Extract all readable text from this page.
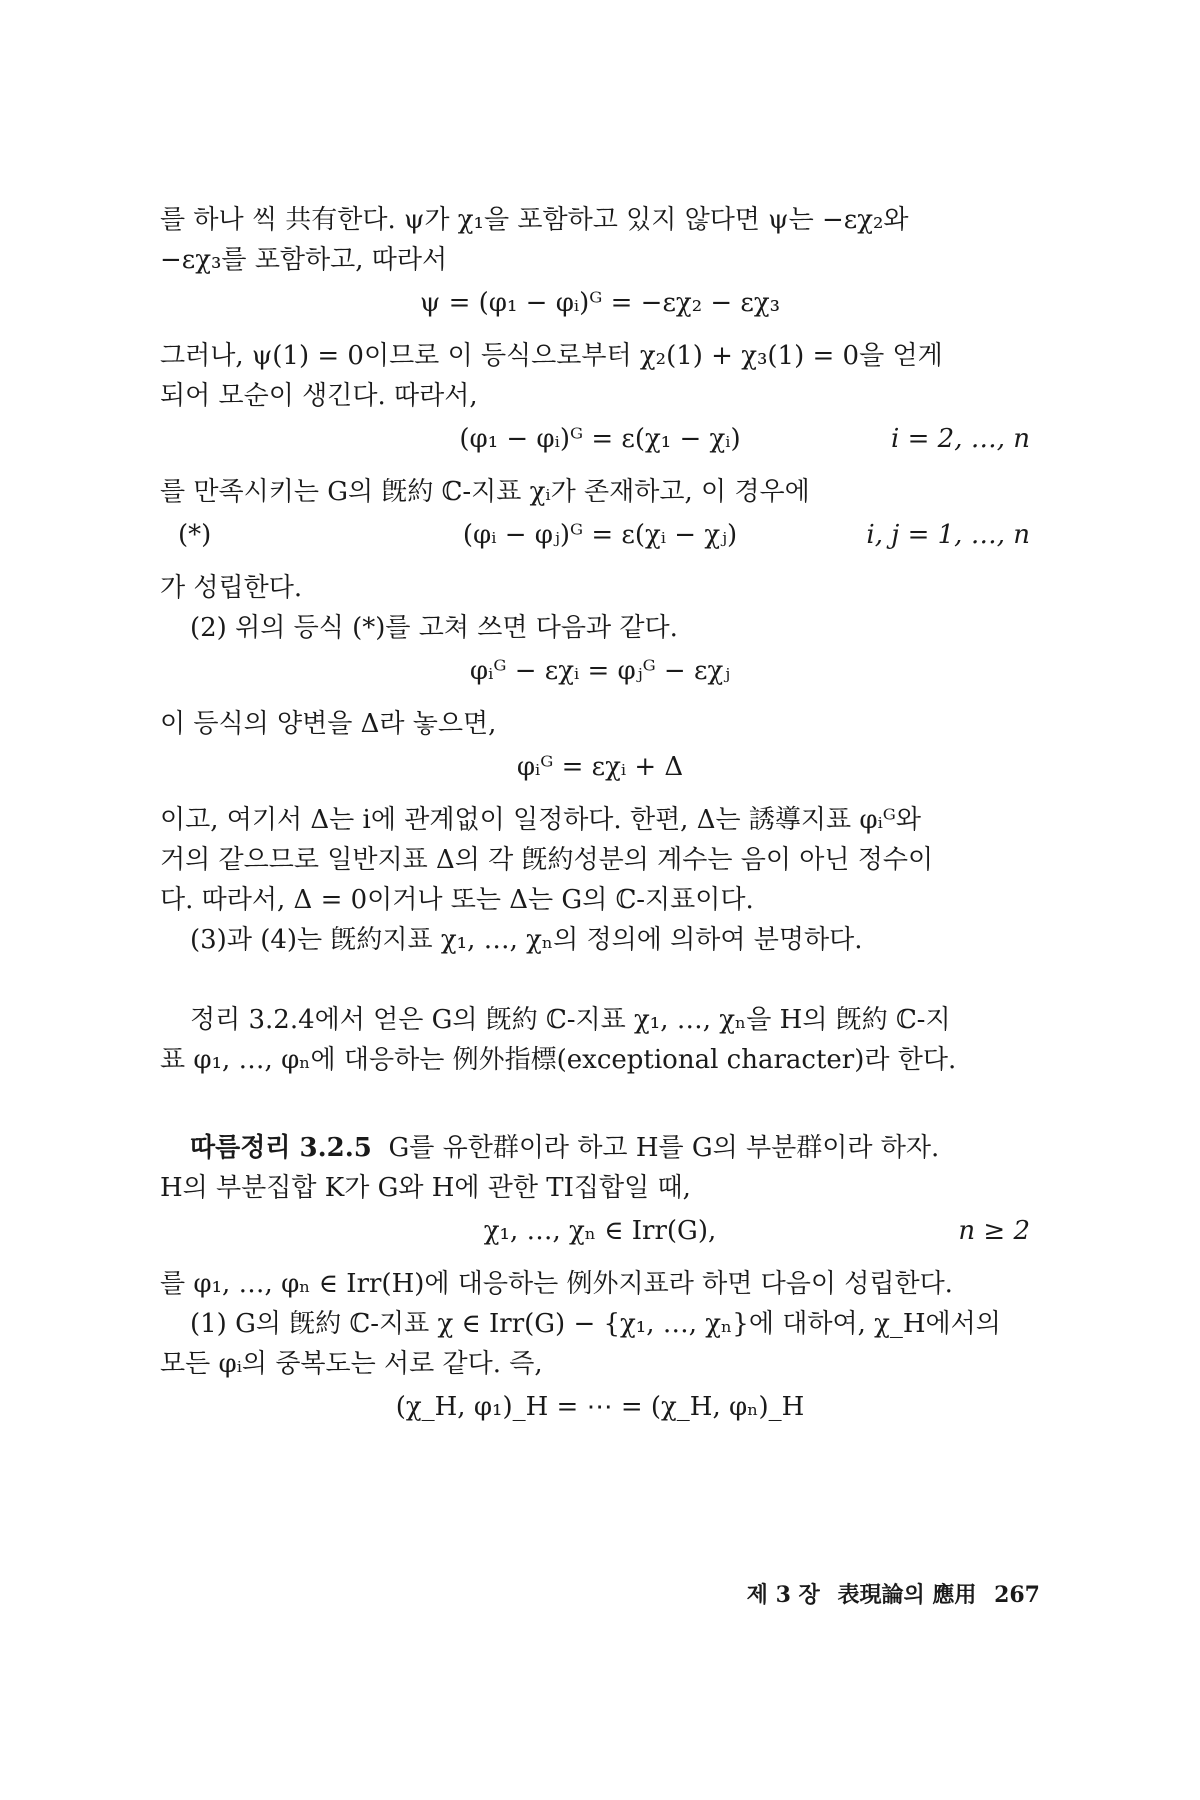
를 하나 씩 共有한다. ψ가 χ₁을 포함하고 있지 않다면 ψ는 −εχ₂와

−εχ₃를 포함하고, 따라서

ψ = (φ₁ − φᵢ)ᴳ = −εχ₂ − εχ₃

그러나, ψ(1) = 0이므로 이 등식으로부터 χ₂(1) + χ₃(1) = 0을 얻게

되어 모순이 생긴다. 따라서,

(φ₁ − φᵢ)ᴳ = ε(χ₁ − χᵢ)	i = 2, …, n

를 만족시키는 G의 旣約 ℂ-지표 χᵢ가 존재하고, 이 경우에

(*)	(φᵢ − φⱼ)ᴳ = ε(χᵢ − χⱼ)	i, j = 1, …, n

가 성립한다.

(2) 위의 등식 (*)를 고쳐 쓰면 다음과 같다.

φᵢᴳ − εχᵢ = φⱼᴳ − εχⱼ

이 등식의 양변을 Δ라 놓으면,

φᵢᴳ = εχᵢ + Δ

이고, 여기서 Δ는 i에 관계없이 일정하다. 한편, Δ는 誘導지표 φᵢᴳ와

거의 같으므로 일반지표 Δ의 각 旣約성분의 계수는 음이 아닌 정수이

다. 따라서, Δ = 0이거나 또는 Δ는 G의 ℂ-지표이다.

(3)과 (4)는 旣約지표 χ₁, …, χₙ의 정의에 의하여 분명하다.

정리 3.2.4에서 얻은 G의 旣約 ℂ-지표 χ₁, …, χₙ을 H의 旣約 ℂ-지

표 φ₁, …, φₙ에 대응하는 例外指標(exceptional character)라 한다.

따름정리 3.2.5 G를 유한群이라 하고 H를 G의 부분群이라 하자.

H의 부분집합 K가 G와 H에 관한 TI집합일 때,

χ₁, …, χₙ ∈ Irr(G),	n ≥ 2

를 φ₁, …, φₙ ∈ Irr(H)에 대응하는 例外지표라 하면 다음이 성립한다.

(1) G의 旣約 ℂ-지표 χ ∈ Irr(G) − {χ₁, …, χₙ}에 대하여, χ_H에서의

모든 φᵢ의 중복도는 서로 같다. 즉,

(χ_H, φ₁)_H = ⋯ = (χ_H, φₙ)_H
제 3 장 表現論의 應用 267
